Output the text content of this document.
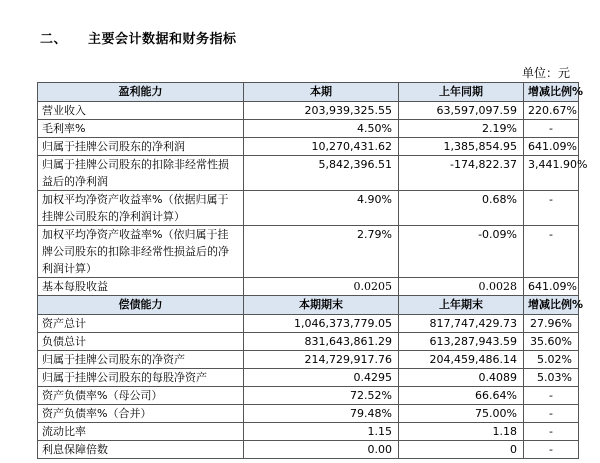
二、 主要会计数据和财务指标
单位：元
盈利能力	本期	上年同期	增减比例%
营业收入	203,939,325.55	63,597,097.59	220.67%
毛利率%	4.50%	2.19%	-
归属于挂牌公司股东的净利润	10,270,431.62	1,385,854.95	641.09%
归属于挂牌公司股东的扣除非经常性损益后的净利润	5,842,396.51	-174,822.37	3,441.90%
加权平均净资产收益率%（依据归属于挂牌公司股东的净利润计算）	4.90%	0.68%	-
加权平均净资产收益率%（依归属于挂牌公司股东的扣除非经常性损益后的净利润计算）	2.79%	-0.09%	-
基本每股收益	0.0205	0.0028	641.09%
偿债能力	本期期末	上年期末	增减比例%
资产总计	1,046,373,779.05	817,747,429.73	27.96%
负债总计	831,643,861.29	613,287,943.59	35.60%
归属于挂牌公司股东的净资产	214,729,917.76	204,459,486.14	5.02%
归属于挂牌公司股东的每股净资产	0.4295	0.4089	5.03%
资产负债率%（母公司）	72.52%	66.64%	-
资产负债率%（合并）	79.48%	75.00%	-
流动比率	1.15	1.18	-
利息保障倍数	0.00	0	-
